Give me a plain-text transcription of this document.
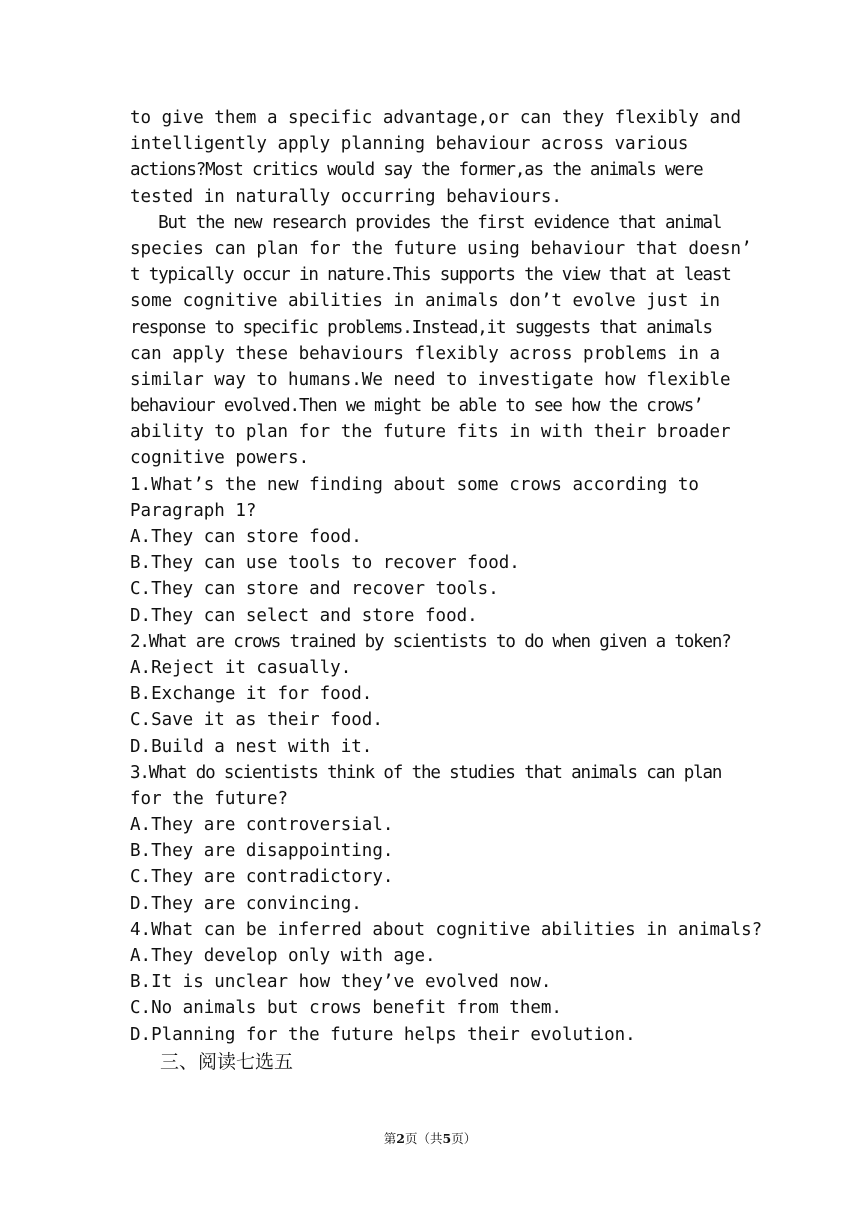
to give them a specific advantage,or can they flexibly and
intelligently apply planning behaviour across various
actions?Most critics would say the former,as the animals were
tested in naturally occurring behaviours.
But the new research provides the first evidence that animal
species can plan for the future using behaviour that doesn’
t typically occur in nature.This supports the view that at least
some cognitive abilities in animals don’t evolve just in
response to specific problems.Instead,it suggests that animals
can apply these behaviours flexibly across problems in a
similar way to humans.We need to investigate how flexible
behaviour evolved.Then we might be able to see how the crows’
ability to plan for the future fits in with their broader
cognitive powers.
1.What’s the new finding about some crows according to
Paragraph 1?
A.They can store food.
B.They can use tools to recover food.
C.They can store and recover tools.
D.They can select and store food.
2.What are crows trained by scientists to do when given a token?
A.Reject it casually.
B.Exchange it for food.
C.Save it as their food.
D.Build a nest with it.
3.What do scientists think of the studies that animals can plan
for the future?
A.They are controversial.
B.They are disappointing.
C.They are contradictory.
D.They are convincing.
4.What can be inferred about cognitive abilities in animals?
A.They develop only with age.
B.It is unclear how they’ve evolved now.
C.No animals but crows benefit from them.
D.Planning for the future helps their evolution.
三、阅读七选五
第2页（共5页）
